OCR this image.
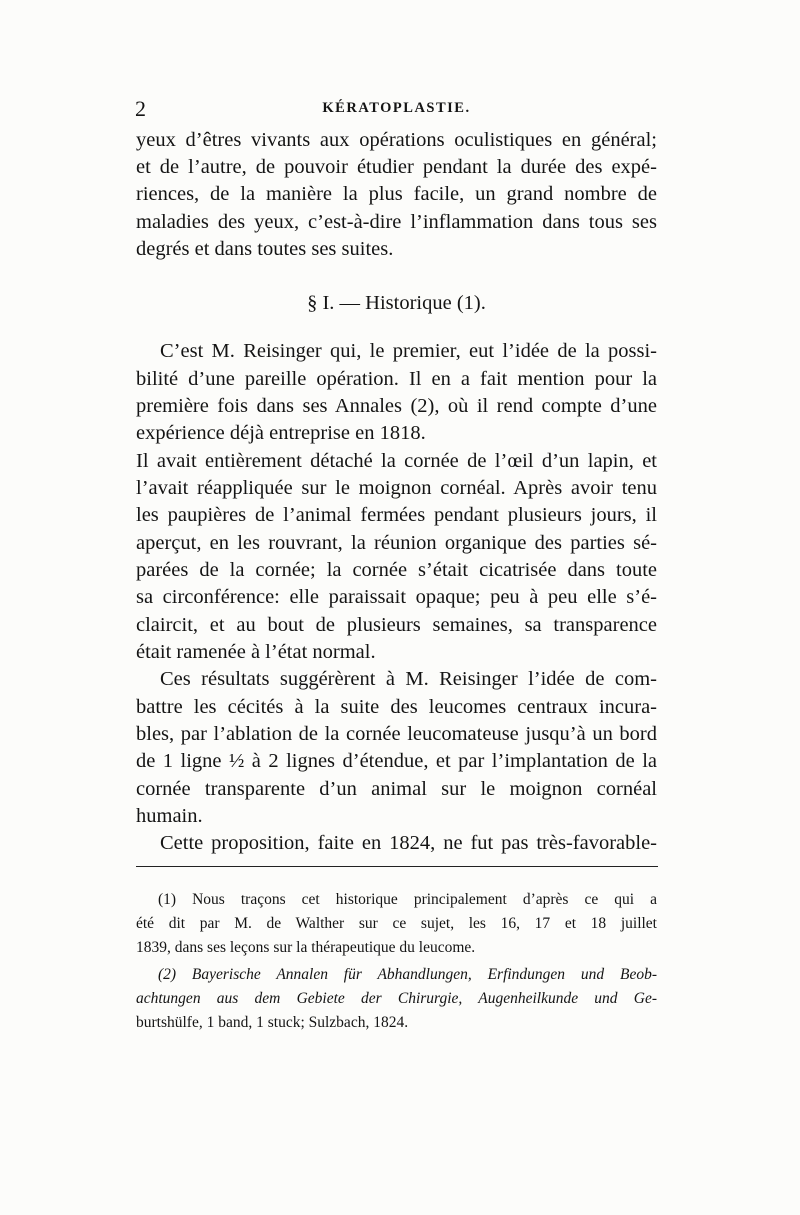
2	KÉRATOPLASTIE.
yeux d’êtres vivants aux opérations oculistiques en général;
et de l’autre, de pouvoir étudier pendant la durée des expé-
riences, de la manière la plus facile, un grand nombre de
maladies des yeux, c’est-à-dire l’inflammation dans tous ses
degrés et dans toutes ses suites.
§ I. — Historique (1).
C’est M. Reisinger qui, le premier, eut l’idée de la possi-
bilité d’une pareille opération. Il en a fait mention pour la
première fois dans ses Annales (2), où il rend compte d’une
expérience déjà entreprise en 1818.
Il avait entièrement détaché la cornée de l’œil d’un lapin, et
l’avait réappliquée sur le moignon cornéal. Après avoir tenu
les paupières de l’animal fermées pendant plusieurs jours, il
aperçut, en les rouvrant, la réunion organique des parties sé-
parées de la cornée; la cornée s’était cicatrisée dans toute
sa circonférence: elle paraissait opaque; peu à peu elle s’é-
claircit, et au bout de plusieurs semaines, sa transparence
était ramenée à l’état normal.
Ces résultats suggérèrent à M. Reisinger l’idée de com-
battre les cécités à la suite des leucomes centraux incura-
bles, par l’ablation de la cornée leucomateuse jusqu’à un bord
de 1 ligne ½ à 2 lignes d’étendue, et par l’implantation de la
cornée transparente d’un animal sur le moignon cornéal
humain.
Cette proposition, faite en 1824, ne fut pas très-favorable-
(1) Nous traçons cet historique principalement d’après ce qui a
été dit par M. de Walther sur ce sujet, les 16, 17 et 18 juillet
1839, dans ses leçons sur la thérapeutique du leucome.
(2) Bayerische Annalen für Abhandlungen, Erfindungen und Beob-
achtungen aus dem Gebiete der Chirurgie, Augenheilkunde und Ge-
burtshülfe, 1 band, 1 stuck; Sulzbach, 1824.
